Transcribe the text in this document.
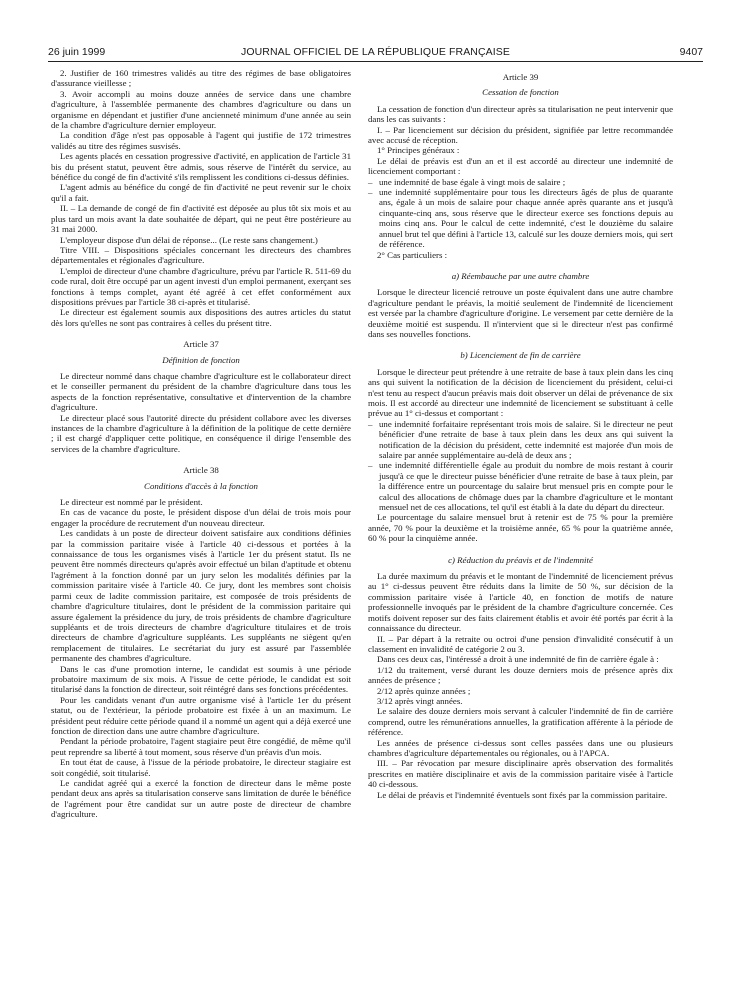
26 juin 1999	JOURNAL OFFICIEL DE LA RÉPUBLIQUE FRANÇAISE	9407

2. Justifier de 160 trimestres validés au titre des régimes de base obligatoires d'assurance vieillesse ;

3. Avoir accompli au moins douze années de service dans une chambre d'agriculture, à l'assemblée permanente des chambres d'agriculture ou dans un organisme en dépendant et justifier d'une ancienneté minimum d'une année au sein de la chambre d'agriculture dernier employeur.

La condition d'âge n'est pas opposable à l'agent qui justifie de 172 trimestres validés au titre des régimes susvisés.

Les agents placés en cessation progressive d'activité, en application de l'article 31 bis du présent statut, peuvent être admis, sous réserve de l'intérêt du service, au bénéfice du congé de fin d'activité s'ils remplissent les conditions ci-dessus définies.

L'agent admis au bénéfice du congé de fin d'activité ne peut revenir sur le choix qu'il a fait.

II. – La demande de congé de fin d'activité est déposée au plus tôt six mois et au plus tard un mois avant la date souhaitée de départ, qui ne peut être postérieure au 31 mai 2000.

L'employeur dispose d'un délai de réponse... (Le reste sans changement.)

Titre VIII. – Dispositions spéciales concernant les directeurs des chambres départementales et régionales d'agriculture.

L'emploi de directeur d'une chambre d'agriculture, prévu par l'article R. 511-69 du code rural, doit être occupé par un agent investi d'un emploi permanent, exerçant ses fonctions à temps complet, ayant été agréé à cet effet conformément aux dispositions prévues par l'article 38 ci-après et titularisé.

Le directeur est également soumis aux dispositions des autres articles du statut dès lors qu'elles ne sont pas contraires à celles du présent titre.

Article 37
Définition de fonction

Le directeur nommé dans chaque chambre d'agriculture est le collaborateur direct et le conseiller permanent du président de la chambre d'agriculture dans tous les aspects de la fonction représentative, consultative et d'intervention de la chambre d'agriculture.

Le directeur placé sous l'autorité directe du président collabore avec les diverses instances de la chambre d'agriculture à la définition de la politique de cette dernière ; il est chargé d'appliquer cette politique, en conséquence il dirige l'ensemble des services de la chambre d'agriculture.

Article 38
Conditions d'accès à la fonction

Le directeur est nommé par le président.

En cas de vacance du poste, le président dispose d'un délai de trois mois pour engager la procédure de recrutement d'un nouveau directeur.

Les candidats à un poste de directeur doivent satisfaire aux conditions définies par la commission paritaire visée à l'article 40 ci-dessous et portées à la connaissance de tous les organismes visés à l'article 1er du présent statut. Ils ne peuvent être nommés directeurs qu'après avoir effectué un bilan d'aptitude et obtenu l'agrément à la fonction donné par un jury selon les modalités définies par la commission paritaire visée à l'article 40. Ce jury, dont les membres sont choisis parmi ceux de ladite commission paritaire, est composée de trois présidents de chambre d'agriculture titulaires, dont le président de la commission paritaire qui assure également la présidence du jury, de trois présidents de chambre d'agriculture suppléants et de trois directeurs de chambre d'agriculture titulaires et de trois directeurs de chambre d'agriculture suppléants. Les suppléants ne siègent qu'en remplacement de titulaires. Le secrétariat du jury est assuré par l'assemblée permanente des chambres d'agriculture.

Dans le cas d'une promotion interne, le candidat est soumis à une période probatoire maximum de six mois. A l'issue de cette période, le candidat est soit titularisé dans la fonction de directeur, soit réintégré dans ses fonctions précédentes.

Pour les candidats venant d'un autre organisme visé à l'article 1er du présent statut, ou de l'extérieur, la période probatoire est fixée à un an maximum. Le président peut réduire cette période quand il a nommé un agent qui a déjà exercé une fonction de direction dans une autre chambre d'agriculture.

Pendant la période probatoire, l'agent stagiaire peut être congédié, de même qu'il peut reprendre sa liberté à tout moment, sous réserve d'un préavis d'un mois.

En tout état de cause, à l'issue de la période probatoire, le directeur stagiaire est soit congédié, soit titularisé.

Le candidat agréé qui a exercé la fonction de directeur dans le même poste pendant deux ans après sa titularisation conserve sans limitation de durée le bénéfice de l'agrément pour être candidat sur un autre poste de directeur de chambre d'agriculture.

Article 39
Cessation de fonction

La cessation de fonction d'un directeur après sa titularisation ne peut intervenir que dans les cas suivants :

I. – Par licenciement sur décision du président, signifiée par lettre recommandée avec accusé de réception.

1° Principes généraux :

Le délai de préavis est d'un an et il est accordé au directeur une indemnité de licenciement comportant :

– une indemnité de base égale à vingt mois de salaire ;
– une indemnité supplémentaire pour tous les directeurs âgés de plus de quarante ans, égale à un mois de salaire pour chaque année après quarante ans et jusqu'à cinquante-cinq ans, sous réserve que le directeur exerce ses fonctions depuis au moins cinq ans. Pour le calcul de cette indemnité, c'est le douzième du salaire annuel brut tel que défini à l'article 13, calculé sur les douze derniers mois, qui sert de référence.

2° Cas particuliers :

a) Réembauche par une autre chambre

Lorsque le directeur licencié retrouve un poste équivalent dans une autre chambre d'agriculture pendant le préavis, la moitié seulement de l'indemnité de licenciement est versée par la chambre d'agriculture d'origine. Le versement par cette dernière de la deuxième moitié est suspendu. Il n'intervient que si le directeur n'est pas confirmé dans ses nouvelles fonctions.

b) Licenciement de fin de carrière

Lorsque le directeur peut prétendre à une retraite de base à taux plein dans les cinq ans qui suivent la notification de la décision de licenciement du président, celui-ci n'est tenu au respect d'aucun préavis mais doit observer un délai de prévenance de six mois. Il est accordé au directeur une indemnité de licenciement se substituant à celle prévue au 1° ci-dessus et comportant :

– une indemnité forfaitaire représentant trois mois de salaire. Si le directeur ne peut bénéficier d'une retraite de base à taux plein dans les deux ans qui suivent la notification de la décision du président, cette indemnité est majorée d'un mois de salaire par année supplémentaire au-delà de deux ans ;
– une indemnité différentielle égale au produit du nombre de mois restant à courir jusqu'à ce que le directeur puisse bénéficier d'une retraite de base à taux plein, par la différence entre un pourcentage du salaire brut mensuel pris en compte pour le calcul des allocations de chômage dues par la chambre d'agriculture et le montant mensuel net de ces allocations, tel qu'il est établi à la date du départ du directeur.

Le pourcentage du salaire mensuel brut à retenir est de 75 % pour la première année, 70 % pour la deuxième et la troisième année, 65 % pour la quatrième année, 60 % pour la cinquième année.

c) Réduction du préavis et de l'indemnité

La durée maximum du préavis et le montant de l'indemnité de licenciement prévus au 1° ci-dessus peuvent être réduits dans la limite de 50 %, sur décision de la commission paritaire visée à l'article 40, en fonction de motifs de nature professionnelle invoqués par le président de la chambre d'agriculture concernée. Ces motifs doivent reposer sur des faits clairement établis et avoir été portés par écrit à la connaissance du directeur.

II. – Par départ à la retraite ou octroi d'une pension d'invalidité consécutif à un classement en invalidité de catégorie 2 ou 3.

Dans ces deux cas, l'intéressé a droit à une indemnité de fin de carrière égale à :

1/12 du traitement, versé durant les douze derniers mois de présence après dix années de présence ;

2/12 après quinze années ;

3/12 après vingt années.

Le salaire des douze derniers mois servant à calculer l'indemnité de fin de carrière comprend, outre les rémunérations annuelles, la gratification afférente à la période de référence.

Les années de présence ci-dessus sont celles passées dans une ou plusieurs chambres d'agriculture départementales ou régionales, ou à l'APCA.

III. – Par révocation par mesure disciplinaire après observation des formalités prescrites en matière disciplinaire et avis de la commission paritaire visée à l'article 40 ci-dessous.

Le délai de préavis et l'indemnité éventuels sont fixés par la commission paritaire.
